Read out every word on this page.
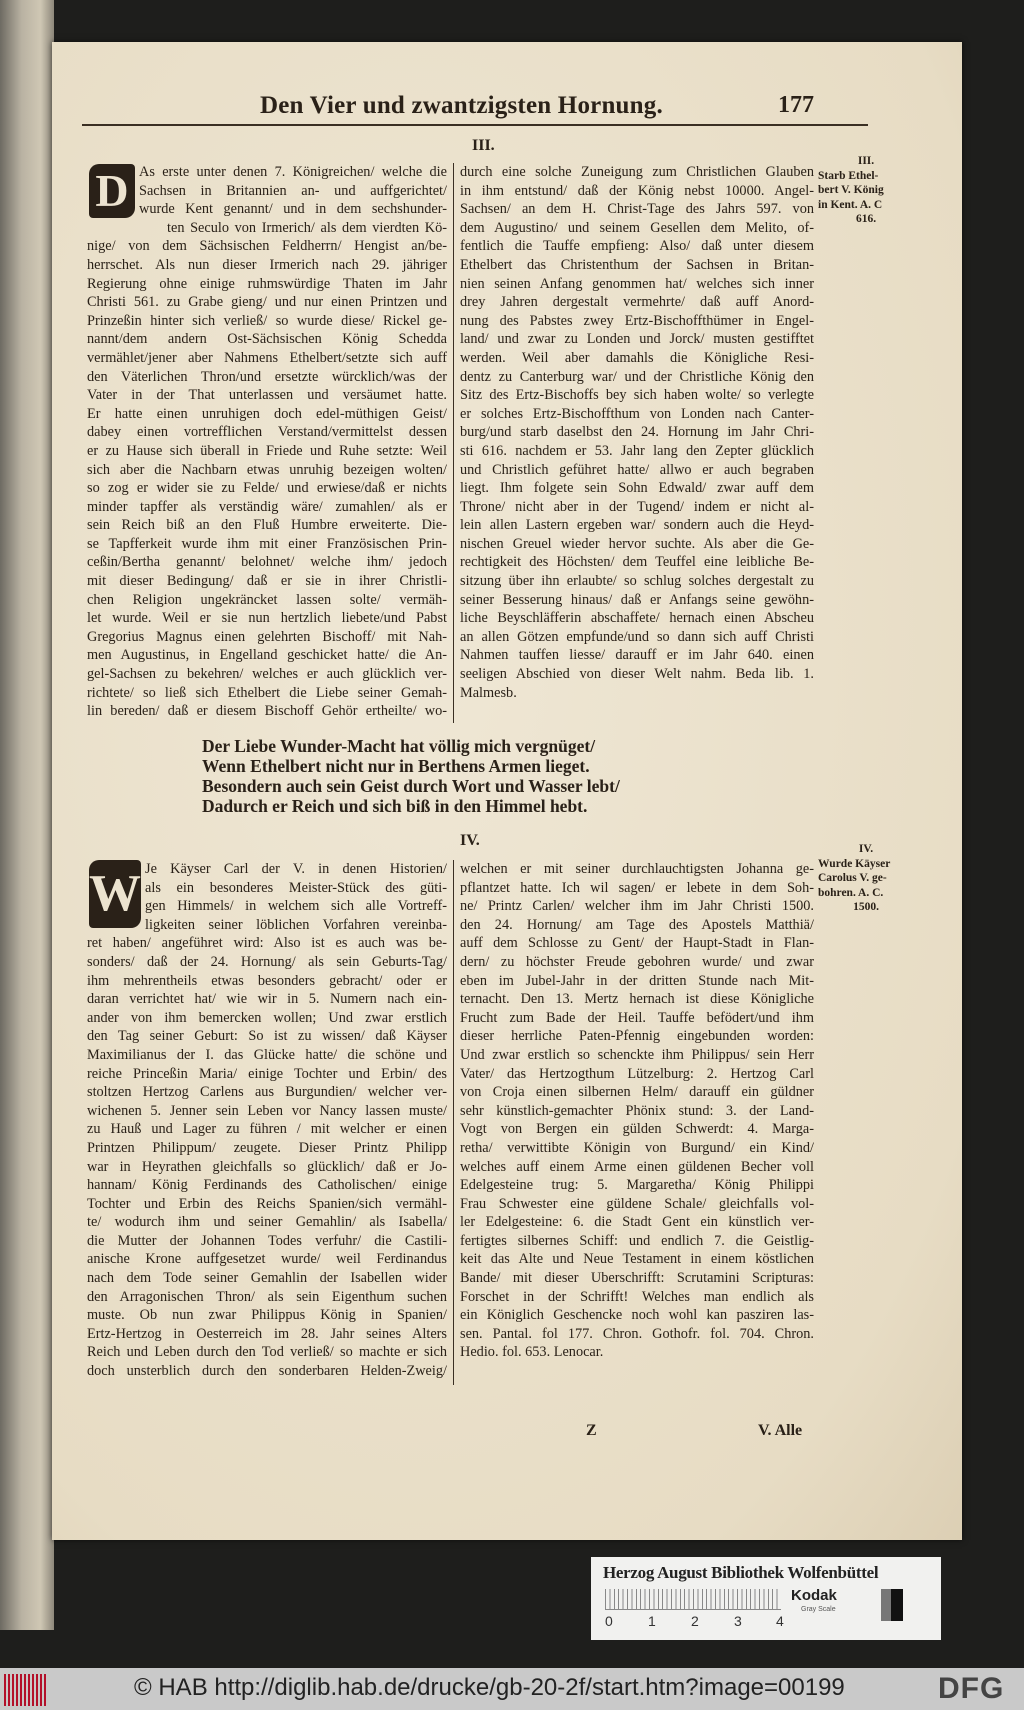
Den Vier und zwantzigsten Hornung.	177
III.
D As erste unter denen 7. Königreichen/ welche die
Sachsen in Britannien an- und auffgerichtet/
wurde Kent genannt/ und in dem sechshunder-
ten Seculo von Irmerich/ als dem vierdten Kö-
nige/ von dem Sächsischen Feldherrn/ Hengist an/be-
herrschet. Als nun dieser Irmerich nach 29. jähriger
Regierung ohne einige ruhmswürdige Thaten im Jahr
Christi 561. zu Grabe gieng/ und nur einen Printzen und
Prinzeßin hinter sich verließ/ so wurde diese/ Rickel ge-
nannt/dem andern Ost-Sächsischen König Schedda
vermählet/jener aber Nahmens Ethelbert/setzte sich auff
den Väterlichen Thron/und ersetzte würcklich/was der
Vater in der That unterlassen und versäumet hatte.
Er hatte einen unruhigen doch edel-müthigen Geist/
dabey einen vortrefflichen Verstand/vermittelst dessen
er zu Hause sich überall in Friede und Ruhe setzte: Weil
sich aber die Nachbarn etwas unruhig bezeigen wolten/
so zog er wider sie zu Felde/ und erwiese/daß er nichts
minder tapffer als verständig wäre/ zumahlen/ als er
sein Reich biß an den Fluß Humbre erweiterte. Die-
se Tapfferkeit wurde ihm mit einer Französischen Prin-
ceßin/Bertha genannt/ belohnet/ welche ihm/ jedoch
mit dieser Bedingung/ daß er sie in ihrer Christli-
chen Religion ungekräncket lassen solte/ vermäh-
let wurde. Weil er sie nun hertzlich liebete/und Pabst
Gregorius Magnus einen gelehrten Bischoff/ mit Nah-
men Augustinus, in Engelland geschicket hatte/ die An-
gel-Sachsen zu bekehren/ welches er auch glücklich ver-
richtete/ so ließ sich Ethelbert die Liebe seiner Gemah-
lin bereden/ daß er diesem Bischoff Gehör ertheilte/ wo-
durch eine solche Zuneigung zum Christlichen Glauben
in ihm entstund/ daß der König nebst 10000. Angel-
Sachsen/ an dem H. Christ-Tage des Jahrs 597. von
dem Augustino/ und seinem Gesellen dem Melito, of-
fentlich die Tauffe empfieng: Also/ daß unter diesem
Ethelbert das Christenthum der Sachsen in Britan-
nien seinen Anfang genommen hat/ welches sich inner
drey Jahren dergestalt vermehrte/ daß auff Anord-
nung des Pabstes zwey Ertz-Bischoffthümer in Engel-
land/ und zwar zu Londen und Jorck/ musten gestifftet
werden. Weil aber damahls die Königliche Resi-
dentz zu Canterburg war/ und der Christliche König den
Sitz des Ertz-Bischoffs bey sich haben wolte/ so verlegte
er solches Ertz-Bischoffthum von Londen nach Canter-
burg/und starb daselbst den 24. Hornung im Jahr Chri-
sti 616. nachdem er 53. Jahr lang den Zepter glücklich
und Christlich geführet hatte/ allwo er auch begraben
liegt. Ihm folgete sein Sohn Edwald/ zwar auff dem
Throne/ nicht aber in der Tugend/ indem er nicht al-
lein allen Lastern ergeben war/ sondern auch die Heyd-
nischen Greuel wieder hervor suchte. Als aber die Ge-
rechtigkeit des Höchsten/ dem Teuffel eine leibliche Be-
sitzung über ihn erlaubte/ so schlug solches dergestalt zu
seiner Besserung hinaus/ daß er Anfangs seine gewöhn-
liche Beyschläfferin abschaffete/ hernach einen Abscheu
an allen Götzen empfunde/und so dann sich auff Christi
Nahmen tauffen liesse/ darauff er im Jahr 640. einen
seeligen Abschied von dieser Welt nahm. Beda lib. 1.
Malmesb.
III.
Starb Ethel-
bert V. König
in Kent. A. C
616.
Der Liebe Wunder-Macht hat völlig mich vergnüget/
Wenn Ethelbert nicht nur in Berthens Armen lieget.
Besondern auch sein Geist durch Wort und Wasser lebt/
Dadurch er Reich und sich biß in den Himmel hebt.
IV.
W Je Käyser Carl der V. in denen Historien/
als ein besonderes Meister-Stück des güti-
gen Himmels/ in welchem sich alle Vortreff-
ligkeiten seiner löblichen Vorfahren vereinba-
ret haben/ angeführet wird: Also ist es auch was be-
sonders/ daß der 24. Hornung/ als sein Geburts-Tag/
ihm mehrentheils etwas besonders gebracht/ oder er
daran verrichtet hat/ wie wir in 5. Numern nach ein-
ander von ihm bemercken wollen; Und zwar erstlich
den Tag seiner Geburt: So ist zu wissen/ daß Käyser
Maximilianus der I. das Glücke hatte/ die schöne und
reiche Princeßin Maria/ einige Tochter und Erbin/ des
stoltzen Hertzog Carlens aus Burgundien/ welcher ver-
wichenen 5. Jenner sein Leben vor Nancy lassen muste/
zu Hauß und Lager zu führen / mit welcher er einen
Printzen Philippum/ zeugete. Dieser Printz Philipp
war in Heyrathen gleichfalls so glücklich/ daß er Jo-
hannam/ König Ferdinands des Catholischen/ einige
Tochter und Erbin des Reichs Spanien/sich vermähl-
te/ wodurch ihm und seiner Gemahlin/ als Isabella/
die Mutter der Johannen Todes verfuhr/ die Castili-
anische Krone auffgesetzet wurde/ weil Ferdinandus
nach dem Tode seiner Gemahlin der Isabellen wider
den Arragonischen Thron/ als sein Eigenthum suchen
muste. Ob nun zwar Philippus König in Spanien/
Ertz-Hertzog in Oesterreich im 28. Jahr seines Alters
Reich und Leben durch den Tod verließ/ so machte er sich
doch unsterblich durch den sonderbaren Helden-Zweig/
welchen er mit seiner durchlauchtigsten Johanna ge-
pflantzet hatte. Ich wil sagen/ er lebete in dem Soh-
ne/ Printz Carlen/ welcher ihm im Jahr Christi 1500.
den 24. Hornung/ am Tage des Apostels Matthiä/
auff dem Schlosse zu Gent/ der Haupt-Stadt in Flan-
dern/ zu höchster Freude gebohren wurde/ und zwar
eben im Jubel-Jahr in der dritten Stunde nach Mit-
ternacht. Den 13. Mertz hernach ist diese Königliche
Frucht zum Bade der Heil. Tauffe befödert/und ihm
dieser herrliche Paten-Pfennig eingebunden worden:
Und zwar erstlich so schenckte ihm Philippus/ sein Herr
Vater/ das Hertzogthum Lützelburg: 2. Hertzog Carl
von Croja einen silbernen Helm/ darauff ein güldner
sehr künstlich-gemachter Phönix stund: 3. der Land-
Vogt von Bergen ein gülden Schwerdt: 4. Marga-
retha/ verwittibte Königin von Burgund/ ein Kind/
welches auff einem Arme einen güldenen Becher voll
Edelgesteine trug: 5. Margaretha/ König Philippi
Frau Schwester eine güldene Schale/ gleichfalls vol-
ler Edelgesteine: 6. die Stadt Gent ein künstlich ver-
fertigtes silbernes Schiff: und endlich 7. die Geistlig-
keit das Alte und Neue Testament in einem köstlichen
Bande/ mit dieser Uberschrifft: Scrutamini Scripturas:
Forschet in der Schrifft! Welches man endlich als
ein Königlich Geschencke noch wohl kan pasziren las-
sen. Pantal. fol 177. Chron. Gothofr. fol. 704. Chron.
Hedio. fol. 653. Lenocar.
IV.
Wurde Käyser
Carolus V. ge-
bohren. A. C.
1500.
Z	V. Alle
Herzog August Bibliothek Wolfenbüttel
0	1	2	3 4
Kodak
Gray Scale
© HAB http://diglib.hab.de/drucke/gb-20-2f/start.htm?image=00199	DFG
